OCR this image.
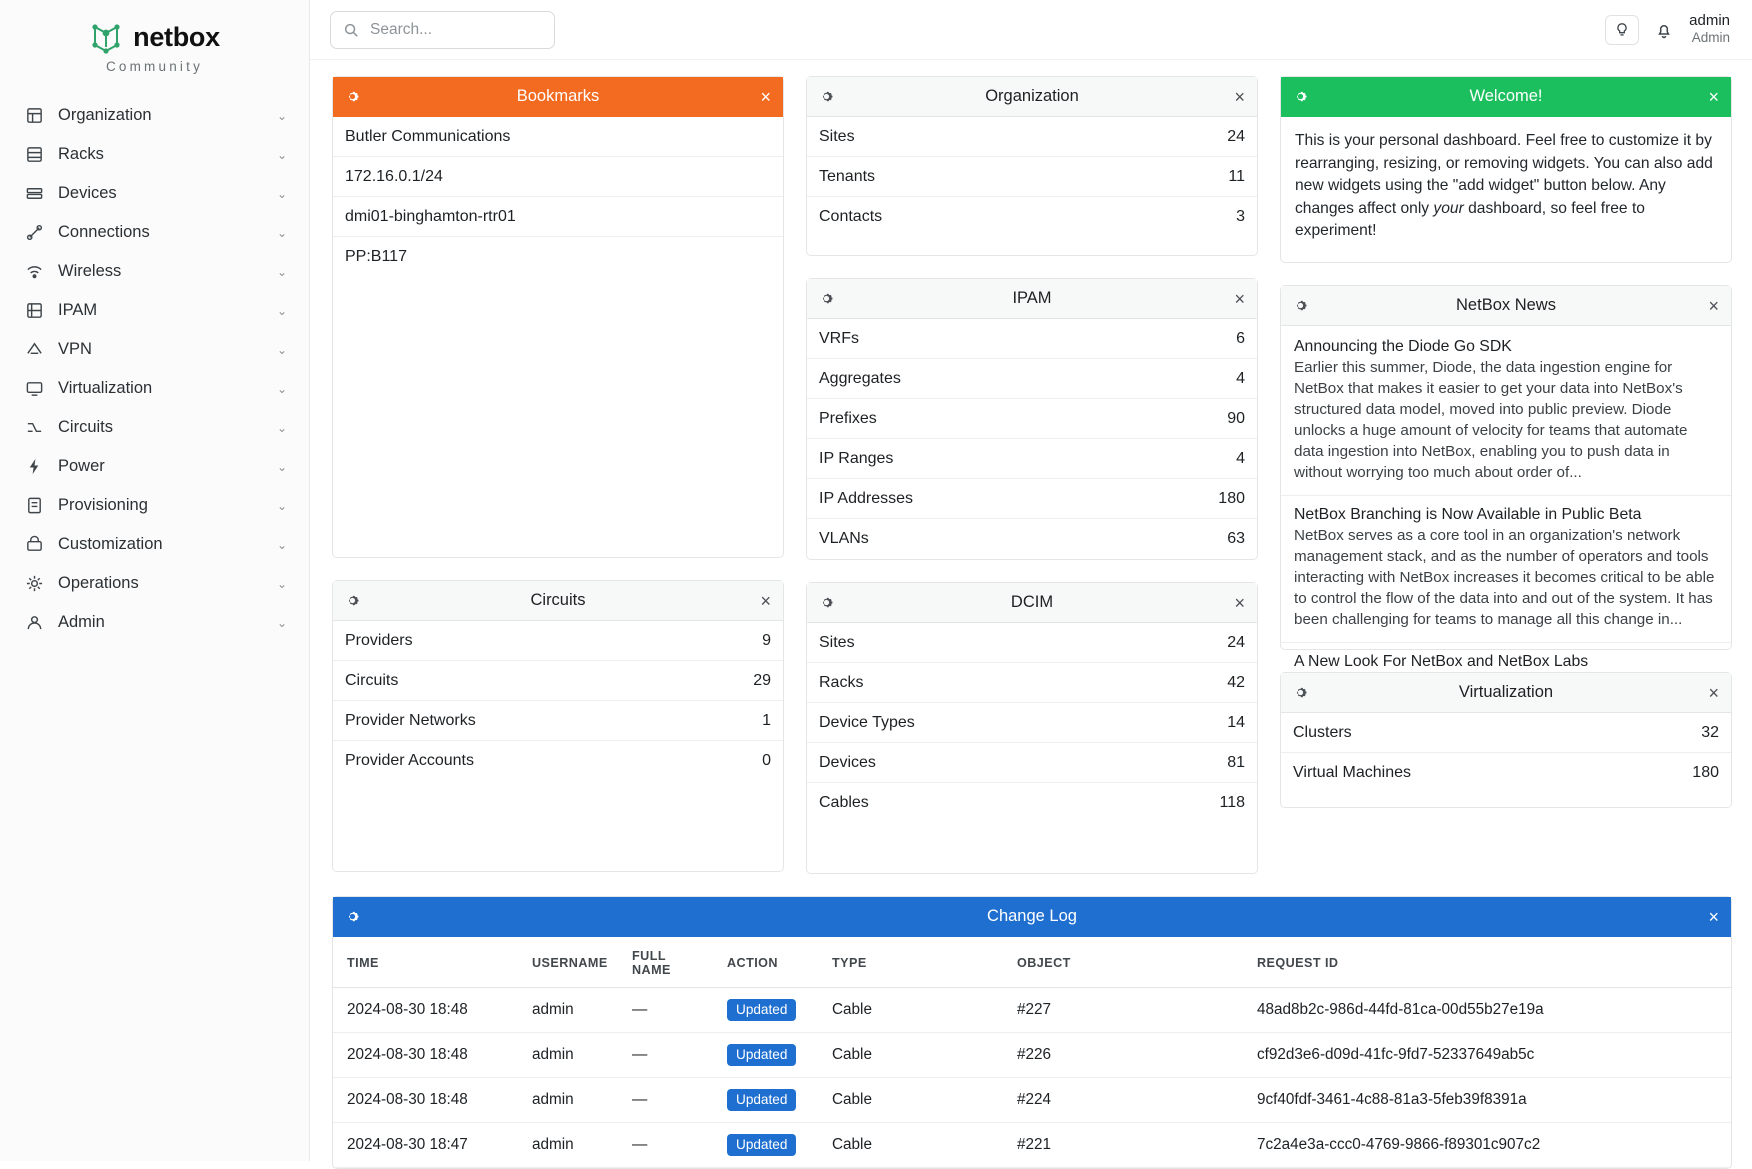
netbox
Community
Organization	⌄
Racks	⌄
Devices	⌄
Connections	⌄
Wireless	⌄
IPAM	⌄
VPN	⌄
Virtualization	⌄
Circuits	⌄
Power	⌄
Provisioning	⌄
Customization	⌄
Operations	⌄
Admin	⌄
Search...
admin
Admin
Bookmarks	×
Butler Communications
172.16.0.1/24
dmi01-binghamton-rtr01
PP:B117
Circuits	×
Providers	9
Circuits	29
Provider Networks	1
Provider Accounts	0
Organization	×
Sites	24
Tenants	11
Contacts	3
IPAM	×
VRFs	6
Aggregates	4
Prefixes	90
IP Ranges	4
IP Addresses	180
VLANs	63
DCIM	×
Sites	24
Racks	42
Device Types	14
Devices	81
Cables	118
Welcome!	×
This is your personal dashboard. Feel free to customize it by rearranging, resizing, or removing widgets. You can also add new widgets using the "add widget" button below. Any changes affect only your dashboard, so feel free to experiment!
NetBox News	×
Announcing the Diode Go SDK
Earlier this summer, Diode, the data ingestion engine for NetBox that makes it easier to get your data into NetBox's structured data model, moved into public preview. Diode unlocks a huge amount of velocity for teams that automate data ingestion into NetBox, enabling you to push data in without worrying too much about order of...
NetBox Branching is Now Available in Public Beta
NetBox serves as a core tool in an organization's network management stack, and as the number of operators and tools interacting with NetBox increases it becomes critical to be able to control the flow of the data into and out of the system. It has been challenging for teams to manage all this change in...
A New Look For NetBox and NetBox Labs
Virtualization	×
Clusters	32
Virtual Machines	180
Change Log	×
TIME	USERNAME	FULL NAME	ACTION	TYPE	OBJECT	REQUEST ID
2024-08-30 18:48	admin	—	Updated	Cable	#227	48ad8b2c-986d-44fd-81ca-00d55b27e19a
2024-08-30 18:48	admin	—	Updated	Cable	#226	cf92d3e6-d09d-41fc-9fd7-52337649ab5c
2024-08-30 18:48	admin	—	Updated	Cable	#224	9cf40fdf-3461-4c88-81a3-5feb39f8391a
2024-08-30 18:47	admin	—	Updated	Cable	#221	7c2a4e3a-ccc0-4769-9866-f89301c907c2
